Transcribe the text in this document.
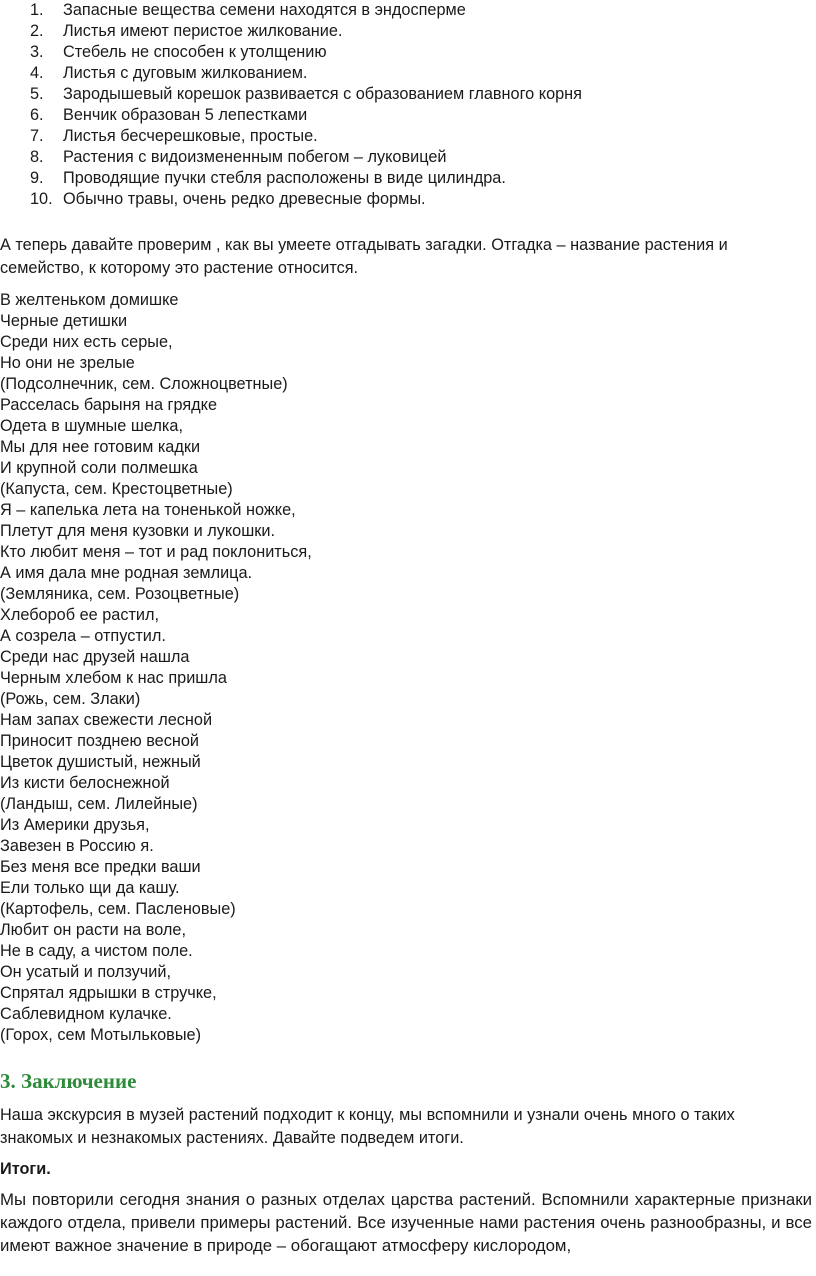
1.	Запасные вещества семени находятся в эндосперме
2.	Листья имеют перистое жилкование.
3.	Стебель не способен к утолщению
4.	Листья с дуговым жилкованием.
5.	Зародышевый корешок развивается с образованием главного корня
6.	Венчик образован 5 лепестками
7.	Листья бесчерешковые, простые.
8.	Растения с видоизмененным побегом – луковицей
9.	Проводящие пучки стебля расположены в виде цилиндра.
10. Обычно травы, очень редко древесные формы.

А теперь давайте проверим , как вы умеете отгадывать загадки. Отгадка – название растения и семейство, к которому это растение относится.

В желтеньком домишке
Черные детишки
Среди них есть серые,
Но они не зрелые
(Подсолнечник, сем. Сложноцветные)
Расселась барыня на грядке
Одета в шумные шелка,
Мы для нее готовим кадки
И крупной соли полмешка
(Капуста, сем. Крестоцветные)
Я – капелька лета на тоненькой ножке,
Плетут для меня кузовки и лукошки.
Кто любит меня – тот и рад поклониться,
А имя дала мне родная землица.
(Земляника, сем. Розоцветные)
Хлебороб ее растил,
А созрела – отпустил.
Среди нас друзей нашла
Черным хлебом к нас пришла
(Рожь, сем. Злаки)
Нам запах свежести лесной
Приносит позднею весной
Цветок душистый, нежный
Из кисти белоснежной
(Ландыш, сем. Лилейные)
Из Америки друзья,
Завезен в Россию я.
Без меня все предки ваши
Ели только щи да кашу.
(Картофель, сем. Пасленовые)
Любит он расти на воле,
Не в саду, а чистом поле.
Он усатый и ползучий,
Спрятал ядрышки в стручке,
Саблевидном кулачке.
(Горох, сем Мотыльковые)
3. Заключение

Наша экскурсия в музей растений подходит к концу, мы вспомнили и узнали очень много о таких знакомых и незнакомых растениях. Давайте подведем итоги.

Итоги.

Мы повторили сегодня знания о разных отделах царства растений. Вспомнили характерные признаки каждого отдела, привели примеры растений. Все изученные нами растения очень разнообразны, и все имеют важное значение в природе – обогащают атмосферу кислородом,
